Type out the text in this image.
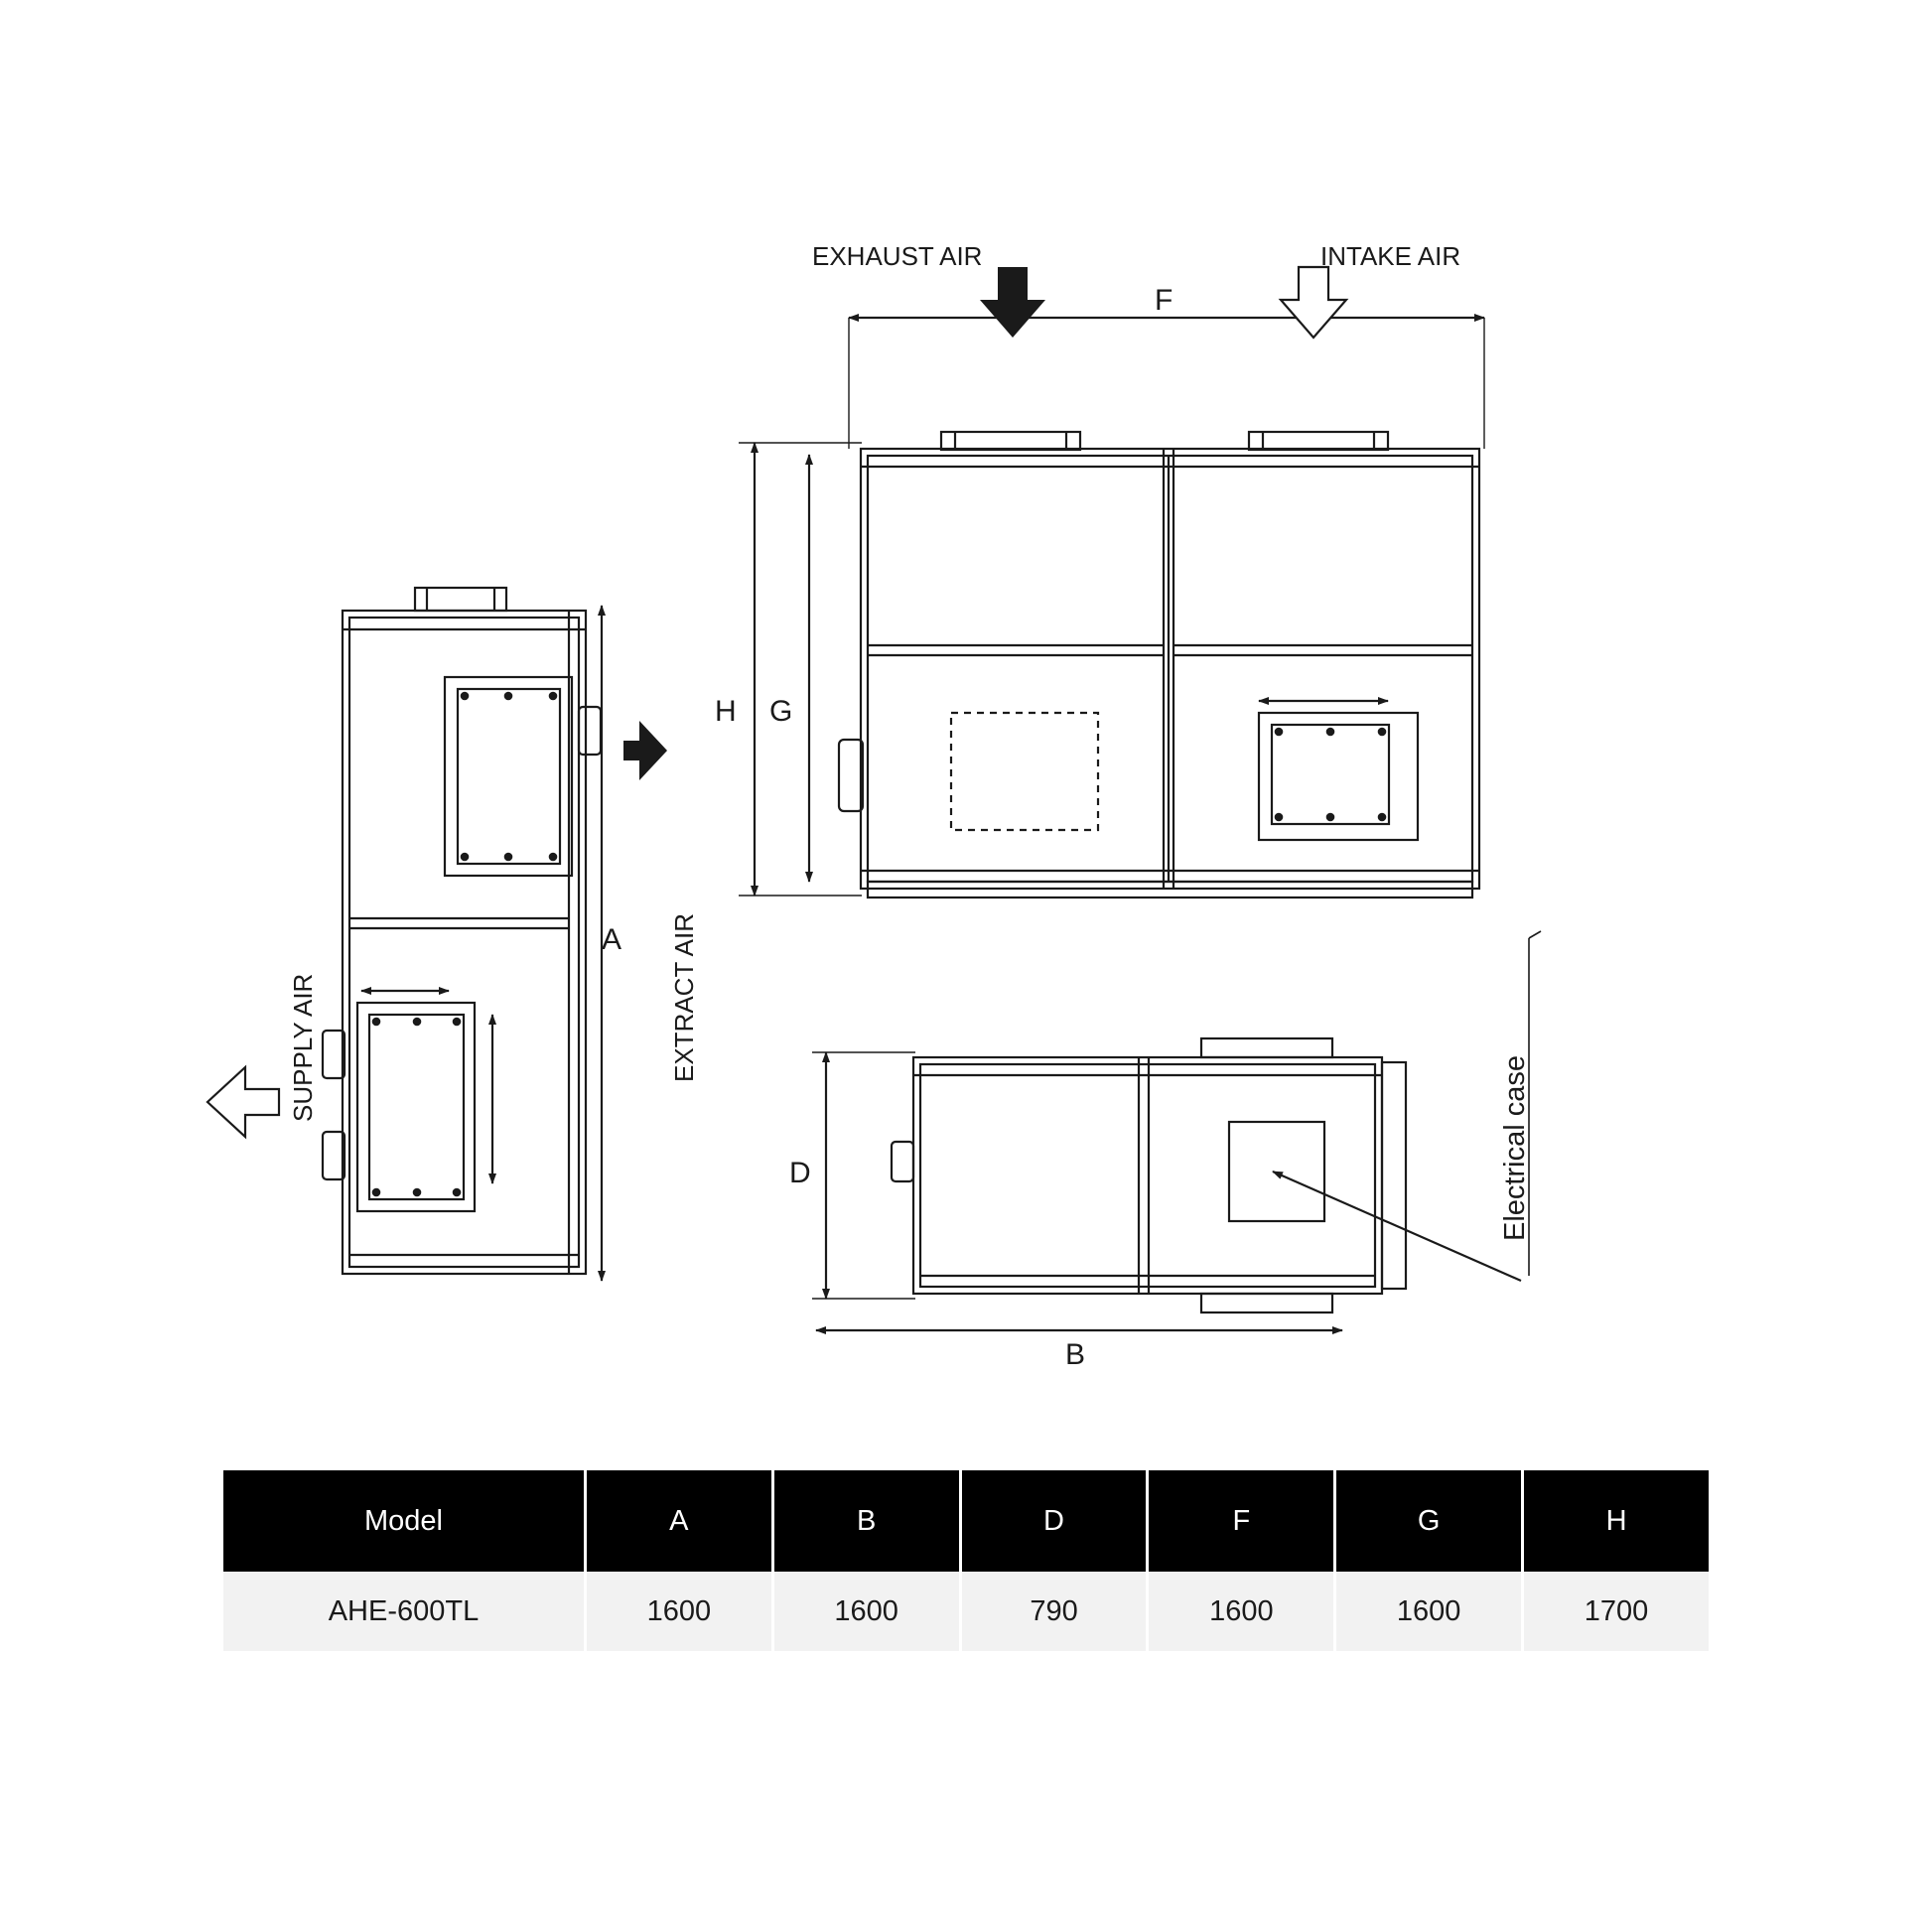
EXHAUST AIR	INTAKE AIR
F
H G
A
B
D
SUPPLY AIR	EXTRACT AIR
Electrical case
Model	A	B	D	F	G	H
AHE-600TL	1600	1600	790	1600	1600	1700
